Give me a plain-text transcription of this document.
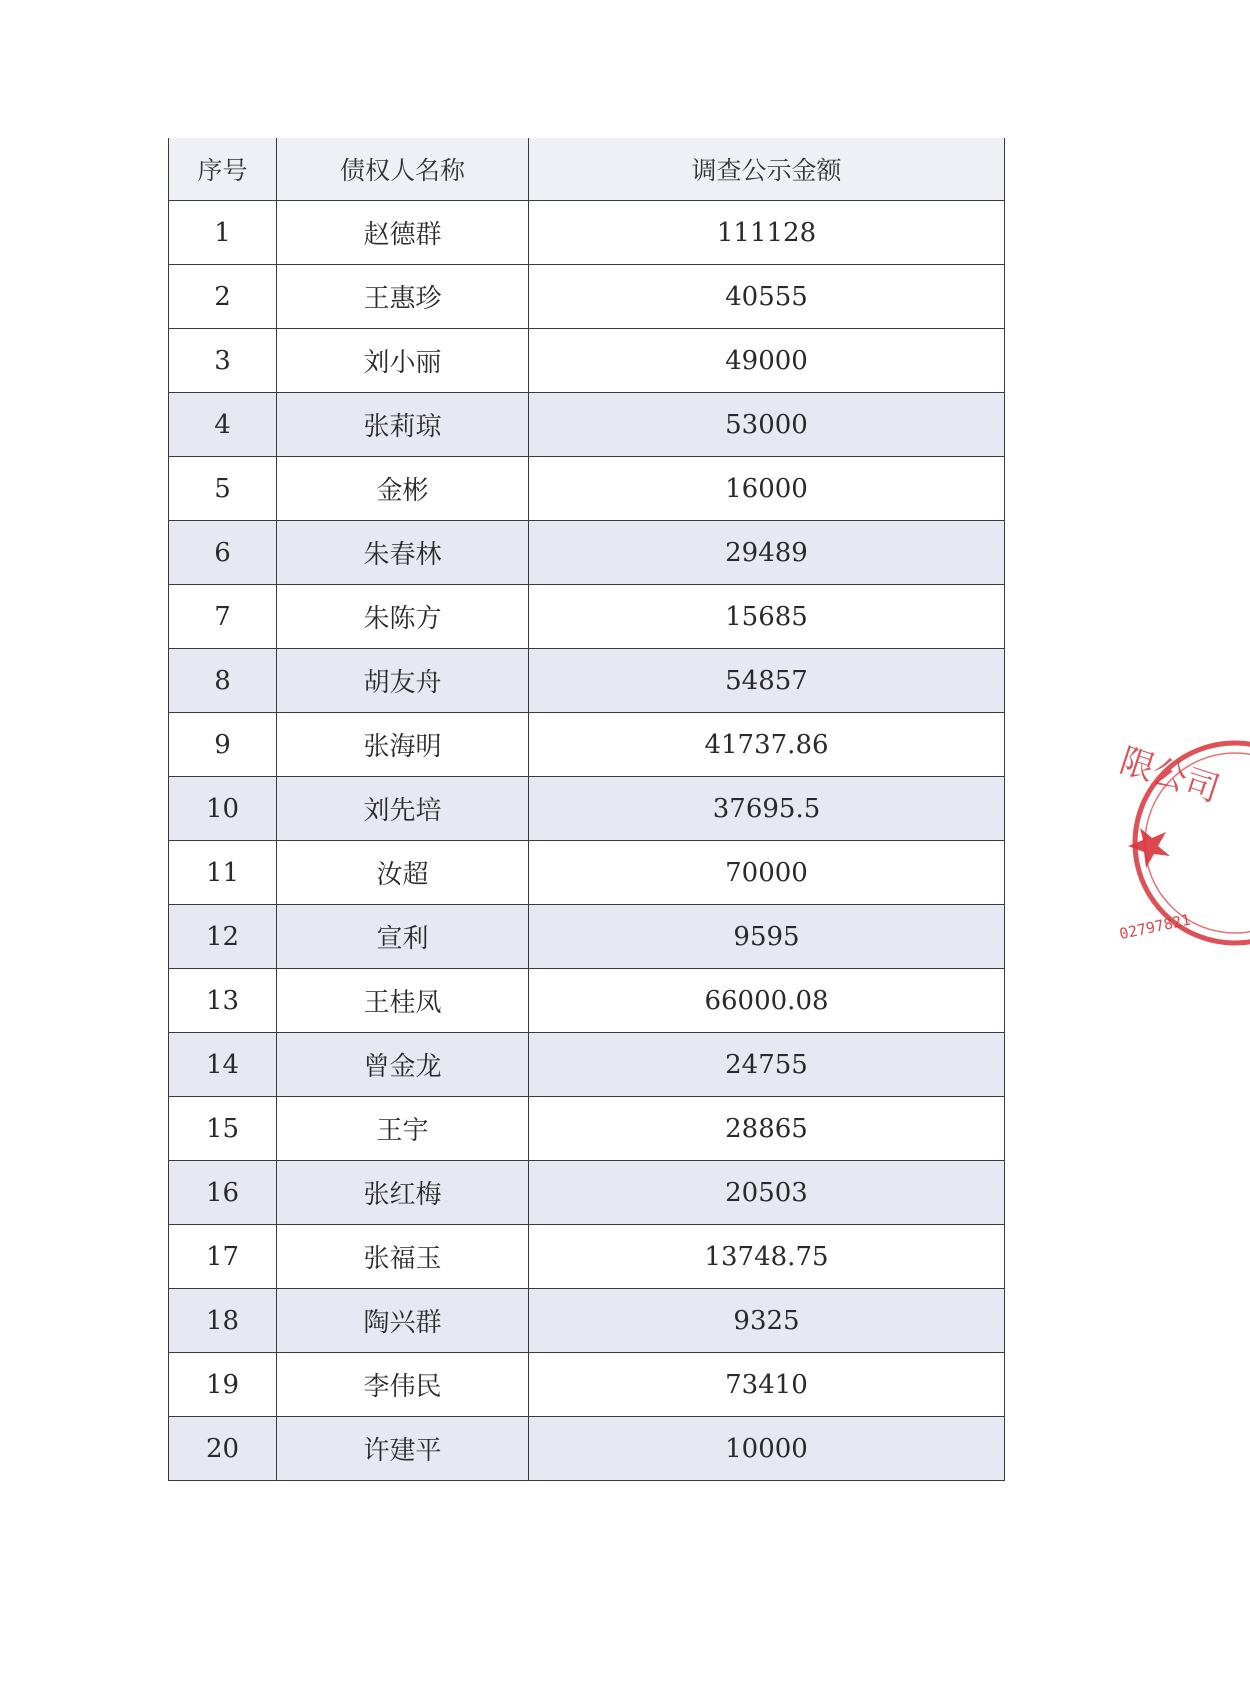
序号	债权人名称	调查公示金额
1	赵德群	111128
2	王惠珍	40555
3	刘小丽	49000
4	张莉琼	53000
5	金彬	16000
6	朱春林	29489
7	朱陈方	15685
8	胡友舟	54857
9	张海明	41737.86
10	刘先培	37695.5
11	汝超	70000
12	宣利	9595
13	王桂凤	66000.08
14	曾金龙	24755
15	王宇	28865
16	张红梅	20503
17	张福玉	13748.75
18	陶兴群	9325
19	李伟民	73410
20	许建平	10000
限公司
02797821
